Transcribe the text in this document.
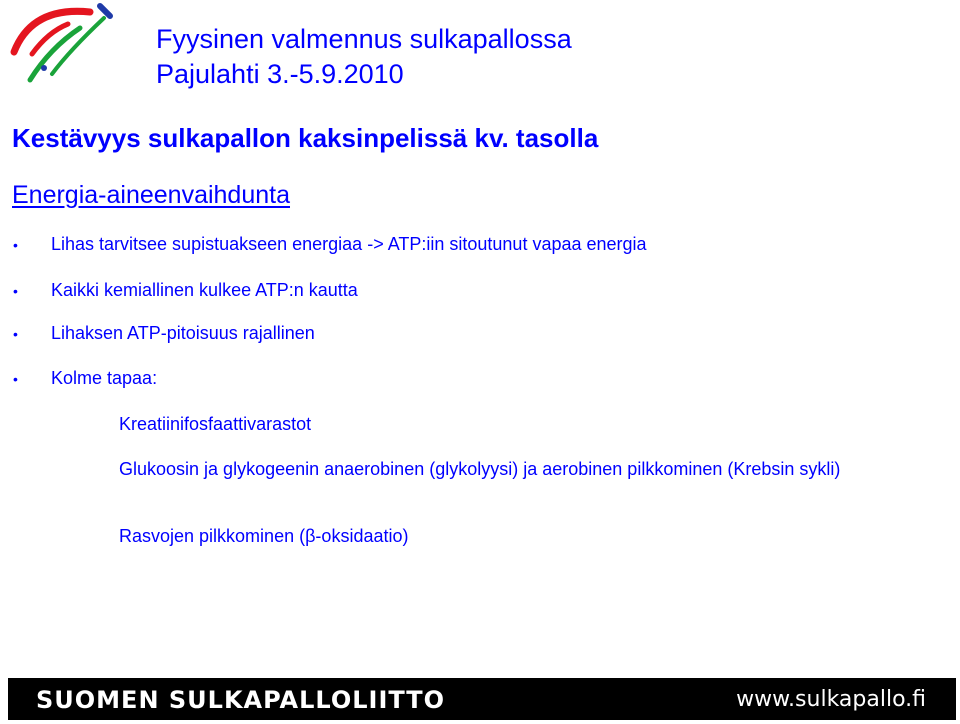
Fyysinen valmennus sulkapallossa
Pajulahti 3.-5.9.2010
Kestävyys sulkapallon kaksinpelissä kv. tasolla
Energia-aineenvaihdunta
• Lihas tarvitsee supistuakseen energiaa -> ATP:iin sitoutunut vapaa energia
• Kaikki kemiallinen kulkee ATP:n kautta
• Lihaksen ATP-pitoisuus rajallinen
• Kolme tapaa:
Kreatiinifosfaattivarastot
Glukoosin ja glykogeenin anaerobinen (glykolyysi) ja aerobinen pilkkominen (Krebsin sykli)
Rasvojen pilkkominen (β-oksidaatio)
SUOMEN SULKAPALLOLIITTO	www.sulkapallo.fi
